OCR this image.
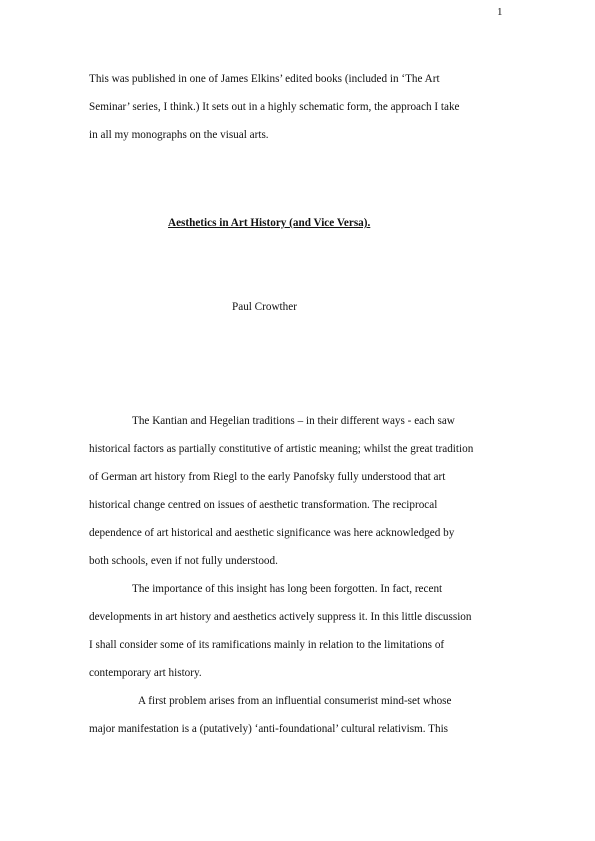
1
This was published in one of James Elkins’ edited books (included in ‘The Art
Seminar’ series, I think.) It sets out in a highly schematic form, the approach I take
in all my monographs on the visual arts.
Aesthetics in Art History (and Vice Versa).
Paul Crowther
The Kantian and Hegelian traditions – in their different ways - each saw
historical factors as partially constitutive of artistic meaning; whilst the great tradition
of German art history from Riegl to the early Panofsky fully understood that art
historical change centred on issues of aesthetic transformation. The reciprocal
dependence of art historical and aesthetic significance was here acknowledged by
both schools, even if not fully understood.
The importance of this insight has long been forgotten. In fact, recent
developments in art history and aesthetics actively suppress it. In this little discussion
I shall consider some of its ramifications mainly in relation to the limitations of
contemporary art history.
A first problem arises from an influential consumerist mind-set whose
major manifestation is a (putatively) ‘anti-foundational’ cultural relativism. This
